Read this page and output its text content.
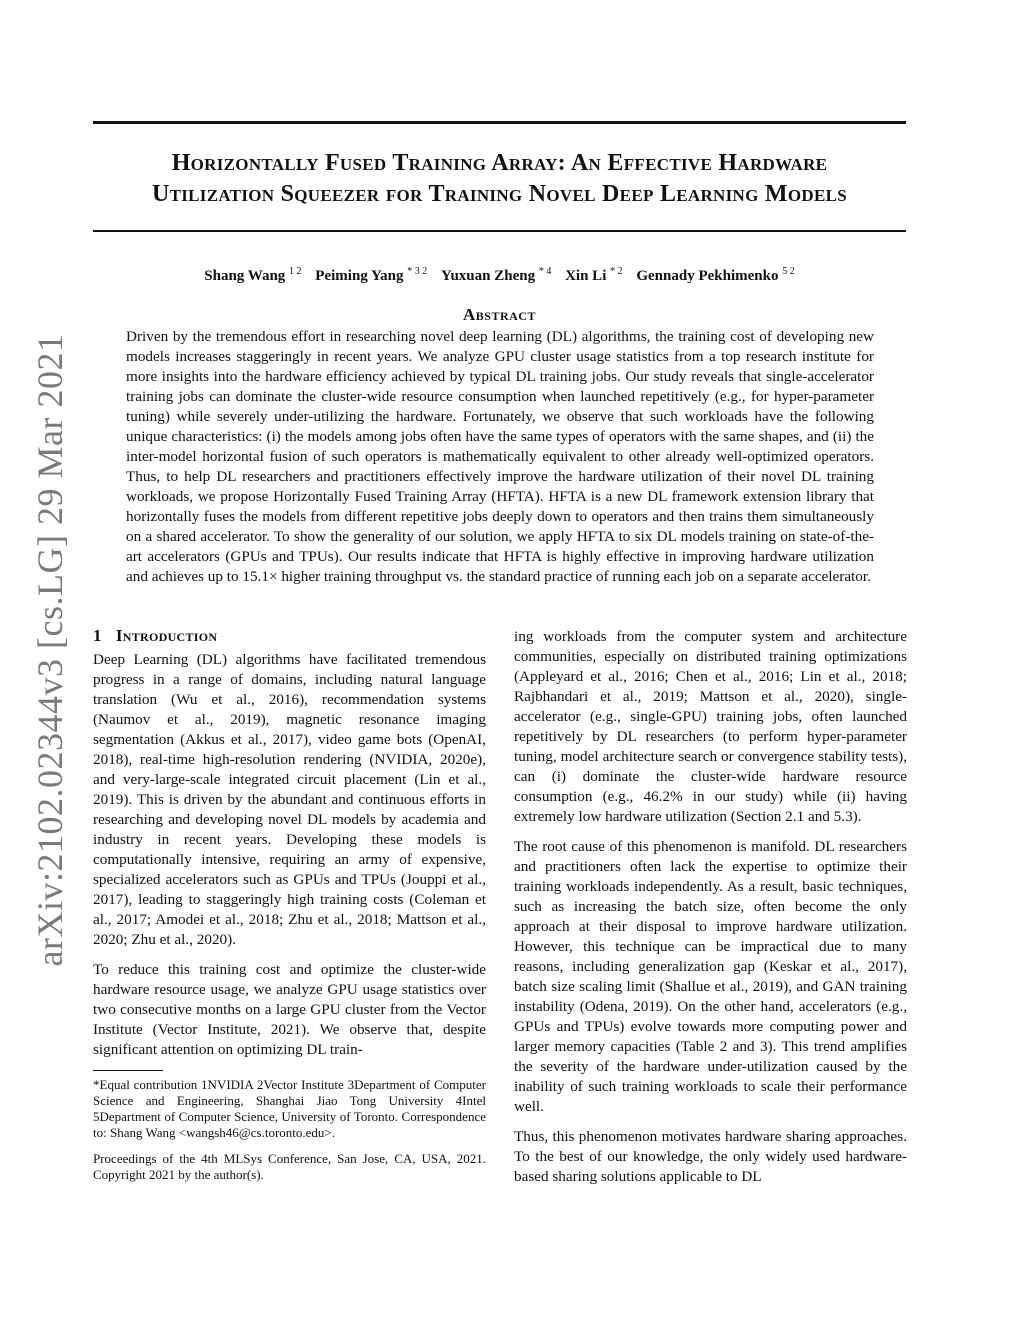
arXiv:2102.02344v3 [cs.LG] 29 Mar 2021
Horizontally Fused Training Array: An Effective Hardware
Utilization Squeezer for Training Novel Deep Learning Models
Shang Wang $^{1 2}$ Peiming Yang $^{* 3 2}$ Yuxuan Zheng $^{* 4}$ Xin Li $^{* 2}$ Gennady Pekhimenko $^{5 2}$
Abstract

Driven by the tremendous effort in researching novel deep learning (DL) algorithms, the training cost of developing new models increases staggeringly in recent years. We analyze GPU cluster usage statistics from a top research institute for more insights into the hardware efficiency achieved by typical DL training jobs. Our study reveals that single-accelerator training jobs can dominate the cluster-wide resource consumption when launched repetitively (e.g., for hyper-parameter tuning) while severely under-utilizing the hardware. Fortunately, we observe that such workloads have the following unique characteristics: (i) the models among jobs often have the same types of operators with the same shapes, and (ii) the inter-model horizontal fusion of such operators is mathematically equivalent to other already well-optimized operators. Thus, to help DL researchers and practitioners effectively improve the hardware utilization of their novel DL training workloads, we propose Horizontally Fused Training Array (HFTA). HFTA is a new DL framework extension library that horizontally fuses the models from different repetitive jobs deeply down to operators and then trains them simultaneously on a shared accelerator. To show the generality of our solution, we apply HFTA to six DL models training on state-of-the-art accelerators (GPUs and TPUs). Our results indicate that HFTA is highly effective in improving hardware utilization and achieves up to 15.1× higher training throughput vs. the standard practice of running each job on a separate accelerator.

1 Introduction

Deep Learning (DL) algorithms have facilitated tremendous progress in a range of domains, including natural language translation (Wu et al., 2016), recommendation systems (Naumov et al., 2019), magnetic resonance imaging segmentation (Akkus et al., 2017), video game bots (OpenAI, 2018), real-time high-resolution rendering (NVIDIA, 2020e), and very-large-scale integrated circuit placement (Lin et al., 2019). This is driven by the abundant and continuous efforts in researching and developing novel DL models by academia and industry in recent years. Developing these models is computationally intensive, requiring an army of expensive, specialized accelerators such as GPUs and TPUs (Jouppi et al., 2017), leading to staggeringly high training costs (Coleman et al., 2017; Amodei et al., 2018; Zhu et al., 2018; Mattson et al., 2020; Zhu et al., 2020).

To reduce this training cost and optimize the cluster-wide hardware resource usage, we analyze GPU usage statistics over two consecutive months on a large GPU cluster from the Vector Institute (Vector Institute, 2021). We observe that, despite significant attention on optimizing DL train-

*Equal contribution 1NVIDIA 2Vector Institute 3Department of Computer Science and Engineering, Shanghai Jiao Tong University 4Intel 5Department of Computer Science, University of Toronto. Correspondence to: Shang Wang <wangsh46@cs.toronto.edu>.

Proceedings of the 4th MLSys Conference, San Jose, CA, USA, 2021. Copyright 2021 by the author(s).

ing workloads from the computer system and architecture communities, especially on distributed training optimizations (Appleyard et al., 2016; Chen et al., 2016; Lin et al., 2018; Rajbhandari et al., 2019; Mattson et al., 2020), single-accelerator (e.g., single-GPU) training jobs, often launched repetitively by DL researchers (to perform hyper-parameter tuning, model architecture search or convergence stability tests), can (i) dominate the cluster-wide hardware resource consumption (e.g., 46.2% in our study) while (ii) having extremely low hardware utilization (Section 2.1 and 5.3).

The root cause of this phenomenon is manifold. DL researchers and practitioners often lack the expertise to optimize their training workloads independently. As a result, basic techniques, such as increasing the batch size, often become the only approach at their disposal to improve hardware utilization. However, this technique can be impractical due to many reasons, including generalization gap (Keskar et al., 2017), batch size scaling limit (Shallue et al., 2019), and GAN training instability (Odena, 2019). On the other hand, accelerators (e.g., GPUs and TPUs) evolve towards more computing power and larger memory capacities (Table 2 and 3). This trend amplifies the severity of the hardware under-utilization caused by the inability of such training workloads to scale their performance well.

Thus, this phenomenon motivates hardware sharing approaches. To the best of our knowledge, the only widely used hardware-based sharing solutions applicable to DL
